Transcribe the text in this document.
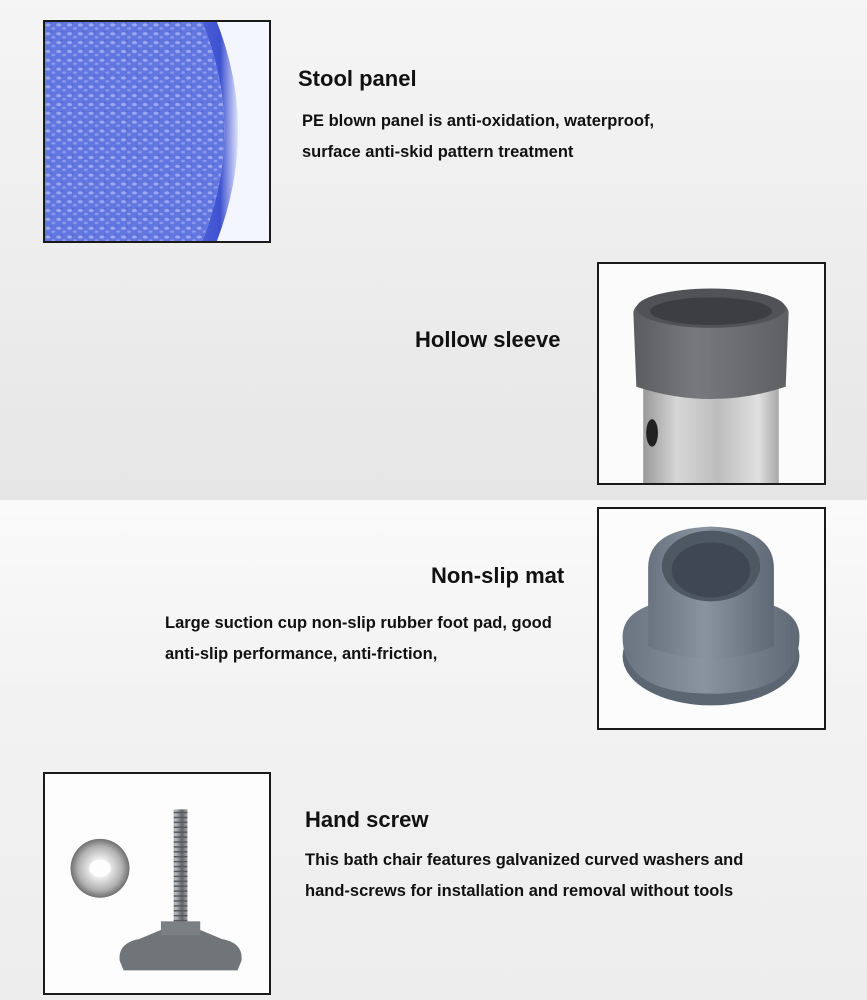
Stool panel
PE blown panel is anti-oxidation, waterproof,
surface anti-skid pattern treatment
Hollow sleeve
Non-slip mat
Large suction cup non-slip rubber foot pad, good
anti-slip performance, anti-friction,
Hand screw
This bath chair features galvanized curved washers and
hand-screws for installation and removal without tools
